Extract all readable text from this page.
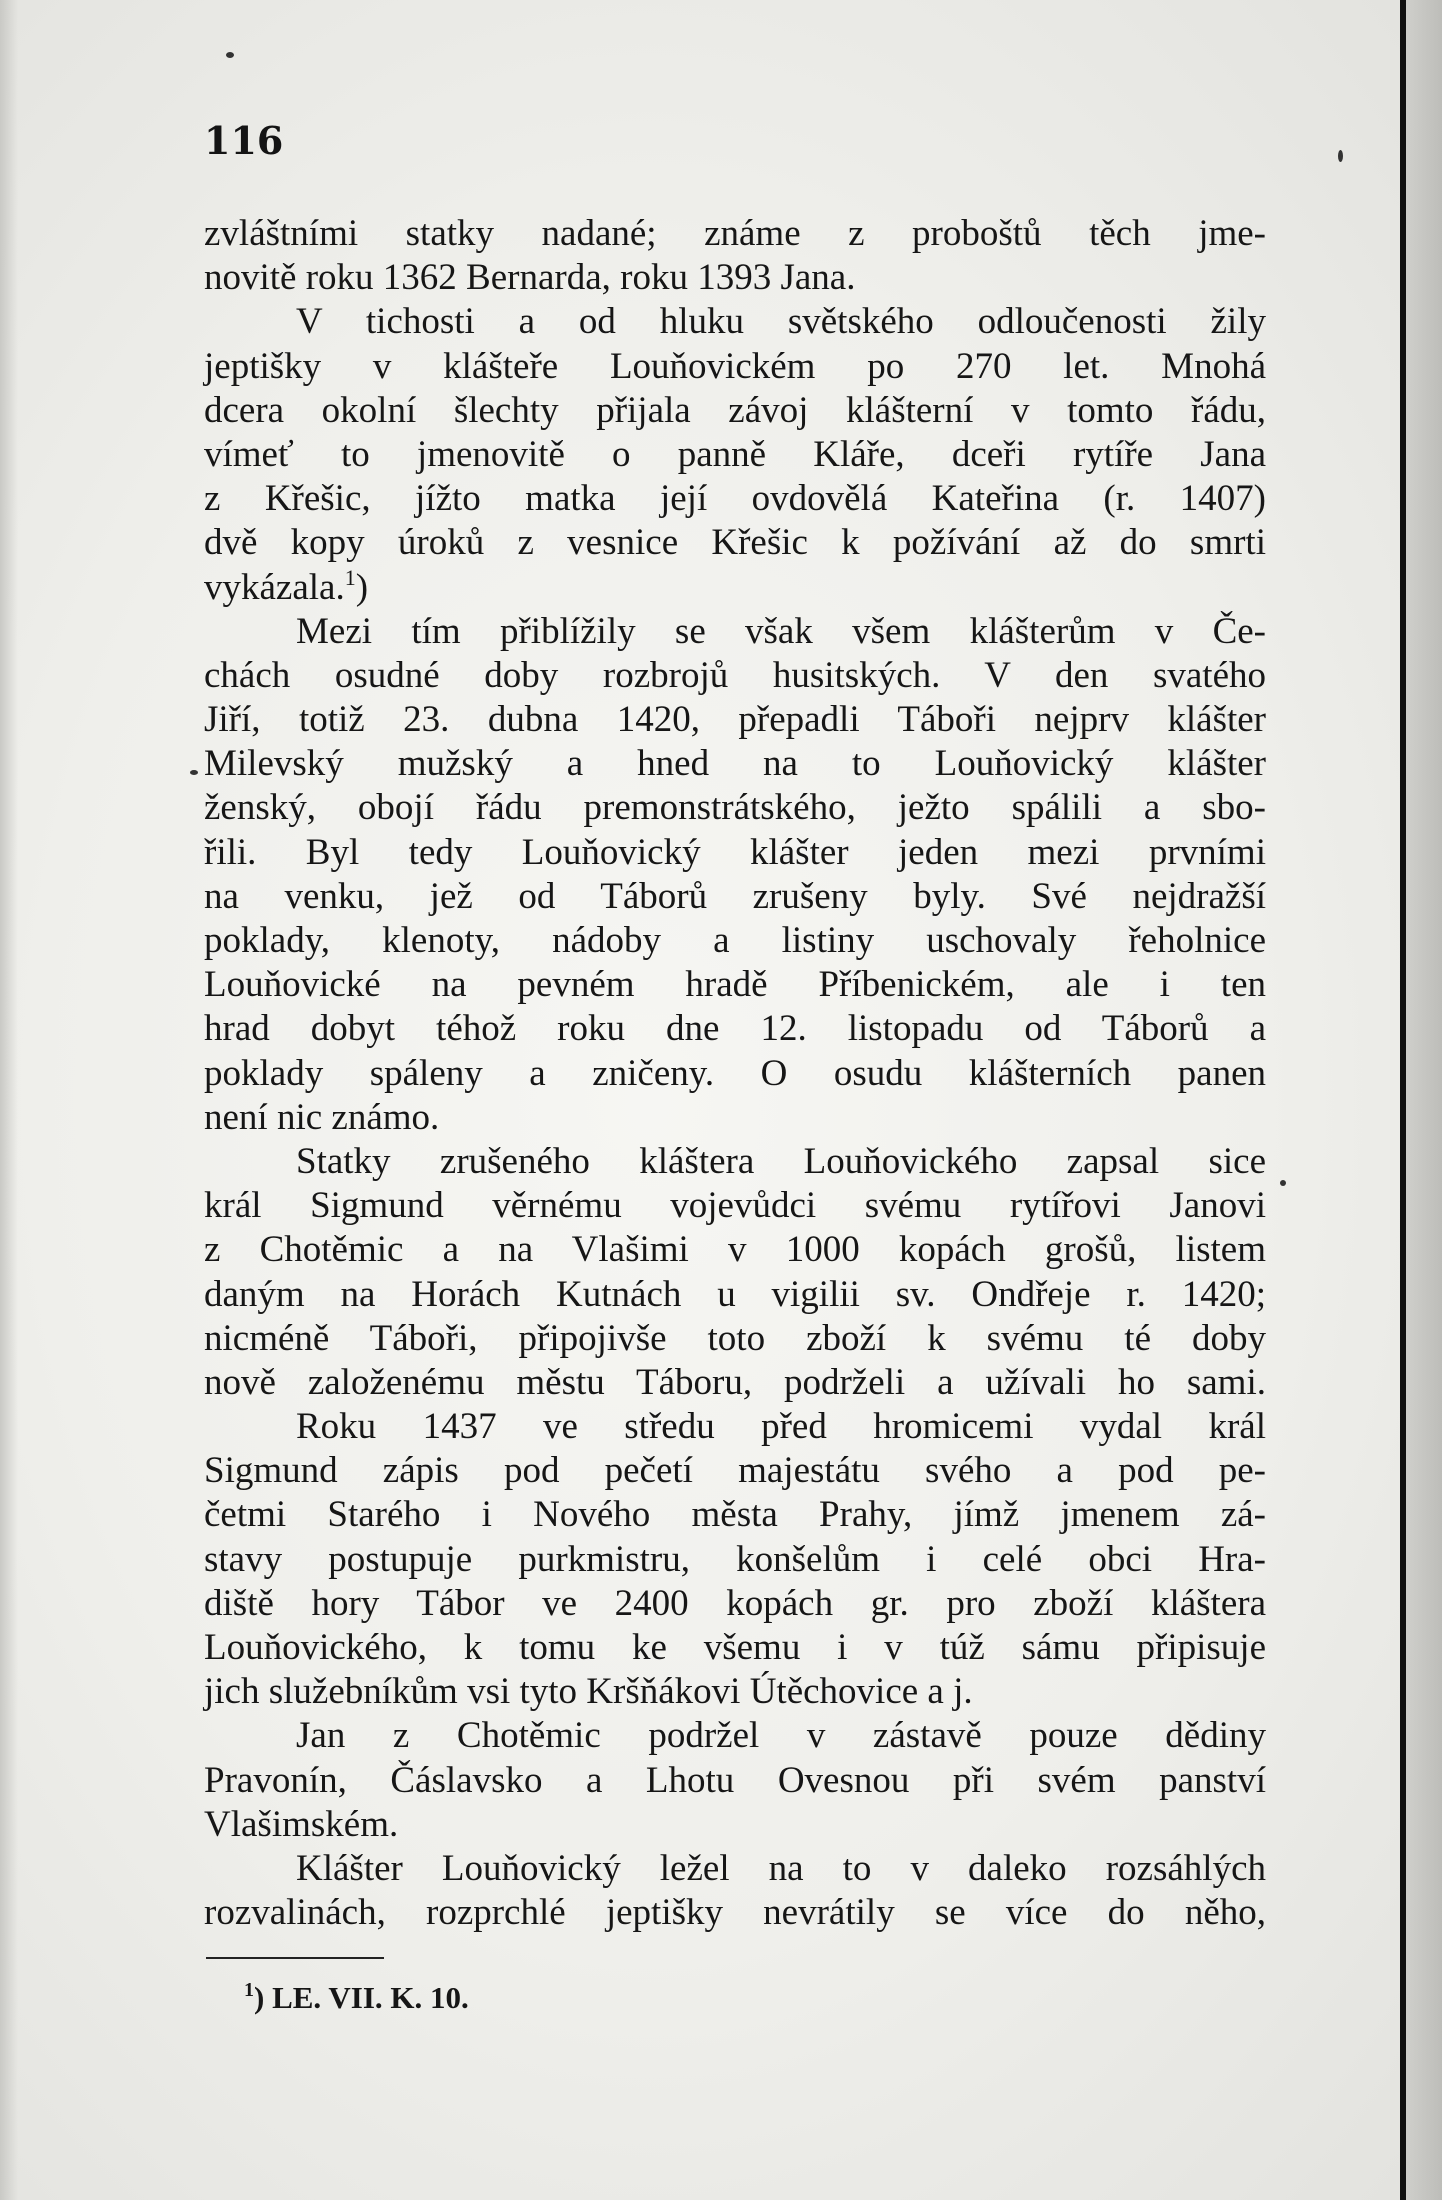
116
zvláštními statky nadané; známe z proboštů těch jme-
novitě roku 1362 Bernarda, roku 1393 Jana.
V tichosti a od hluku světského odloučenosti žily
jeptišky v klášteře Louňovickém po 270 let. Mnohá
dcera okolní šlechty přijala závoj klášterní v tomto řádu,
vímeť to jmenovitě o panně Kláře, dceři rytíře Jana
z Křešic, jížto matka její ovdovělá Kateřina (r. 1407)
dvě kopy úroků z vesnice Křešic k požívání až do smrti
vykázala.$^1$)
Mezi tím přiblížily se však všem klášterům v Če-
chách osudné doby rozbrojů husitských. V den svatého
Jiří, totiž 23. dubna 1420, přepadli Táboři nejprv klášter
Milevský mužský a hned na to Louňovický klášter
ženský, obojí řádu premonstrátského, ježto spálili a sbo-
řili. Byl tedy Louňovický klášter jeden mezi prvními
na venku, jež od Táborů zrušeny byly. Své nejdražší
poklady, klenoty, nádoby a listiny uschovaly řeholnice
Louňovické na pevném hradě Příbenickém, ale i ten
hrad dobyt téhož roku dne 12. listopadu od Táborů a
poklady spáleny a zničeny. O osudu klášterních panen
není nic známo.
Statky zrušeného kláštera Louňovického zapsal sice
král Sigmund věrnému vojevůdci svému rytířovi Janovi
z Chotěmic a na Vlašimi v 1000 kopách grošů, listem
daným na Horách Kutnách u vigilii sv. Ondřeje r. 1420;
nicméně Táboři, připojivše toto zboží k svému té doby
nově založenému městu Táboru, podrželi a užívali ho sami.
Roku 1437 ve středu před hromicemi vydal král
Sigmund zápis pod pečetí majestátu svého a pod pe-
četmi Starého i Nového města Prahy, jímž jmenem zá-
stavy postupuje purkmistru, konšelům i celé obci Hra-
diště hory Tábor ve 2400 kopách gr. pro zboží kláštera
Louňovického, k tomu ke všemu i v túž sámu připisuje
jich služebníkům vsi tyto Kršňákovi Útěchovice a j.
Jan z Chotěmic podržel v zástavě pouze dědiny
Pravonín, Čáslavsko a Lhotu Ovesnou při svém panství
Vlašimském.
Klášter Louňovický ležel na to v daleko rozsáhlých
rozvalinách, rozprchlé jeptišky nevrátily se více do něho,
$^1$) LE. VII. K. 10.
